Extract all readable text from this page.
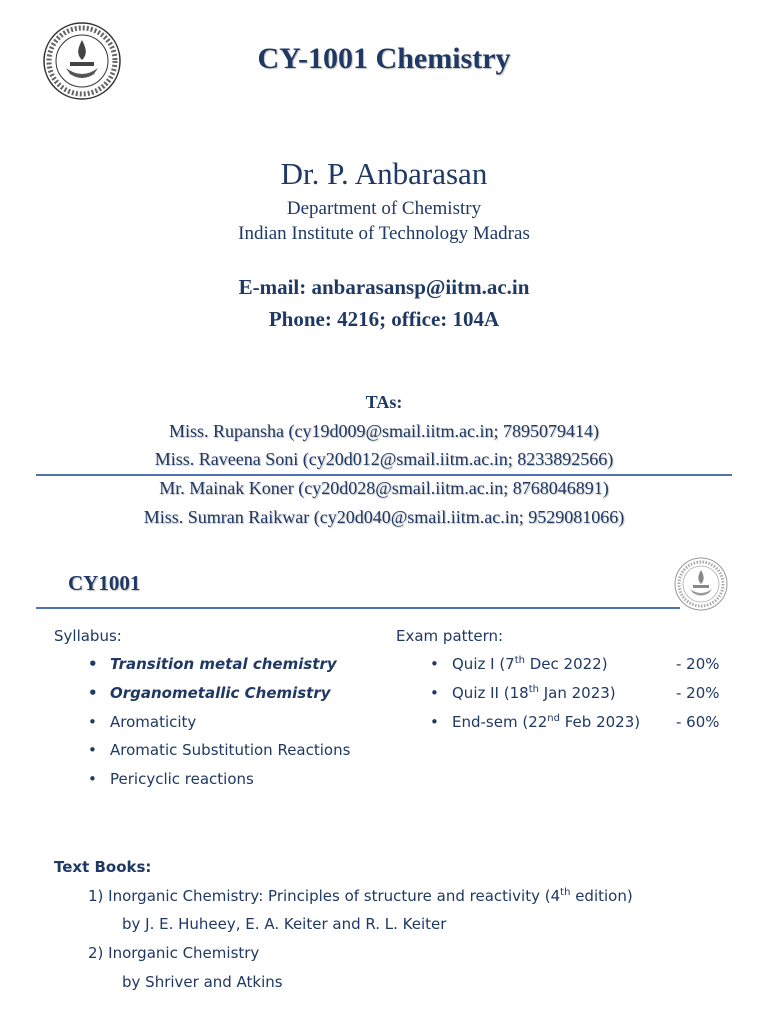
CY-1001 Chemistry
Dr. P. Anbarasan
Department of Chemistry
Indian Institute of Technology Madras
E-mail: anbarasansp@iitm.ac.in
Phone: 4216; office: 104A
TAs:
Miss. Rupansha (cy19d009@smail.iitm.ac.in; 7895079414)
Miss. Raveena Soni (cy20d012@smail.iitm.ac.in; 8233892566)
Mr. Mainak Koner (cy20d028@smail.iitm.ac.in; 8768046891)
Miss. Sumran Raikwar (cy20d040@smail.iitm.ac.in; 9529081066)
CY1001
Syllabus:
• Transition metal chemistry
• Organometallic Chemistry
• Aromaticity
• Aromatic Substitution Reactions
• Pericyclic reactions
Exam pattern:
• Quiz I (7th Dec 2022)	- 20%
• Quiz II (18th Jan 2023)	- 20%
• End-sem (22nd Feb 2023) - 60%
Text Books:
1) Inorganic Chemistry: Principles of structure and reactivity (4th edition)
by J. E. Huheey, E. A. Keiter and R. L. Keiter
2) Inorganic Chemistry
by Shriver and Atkins
